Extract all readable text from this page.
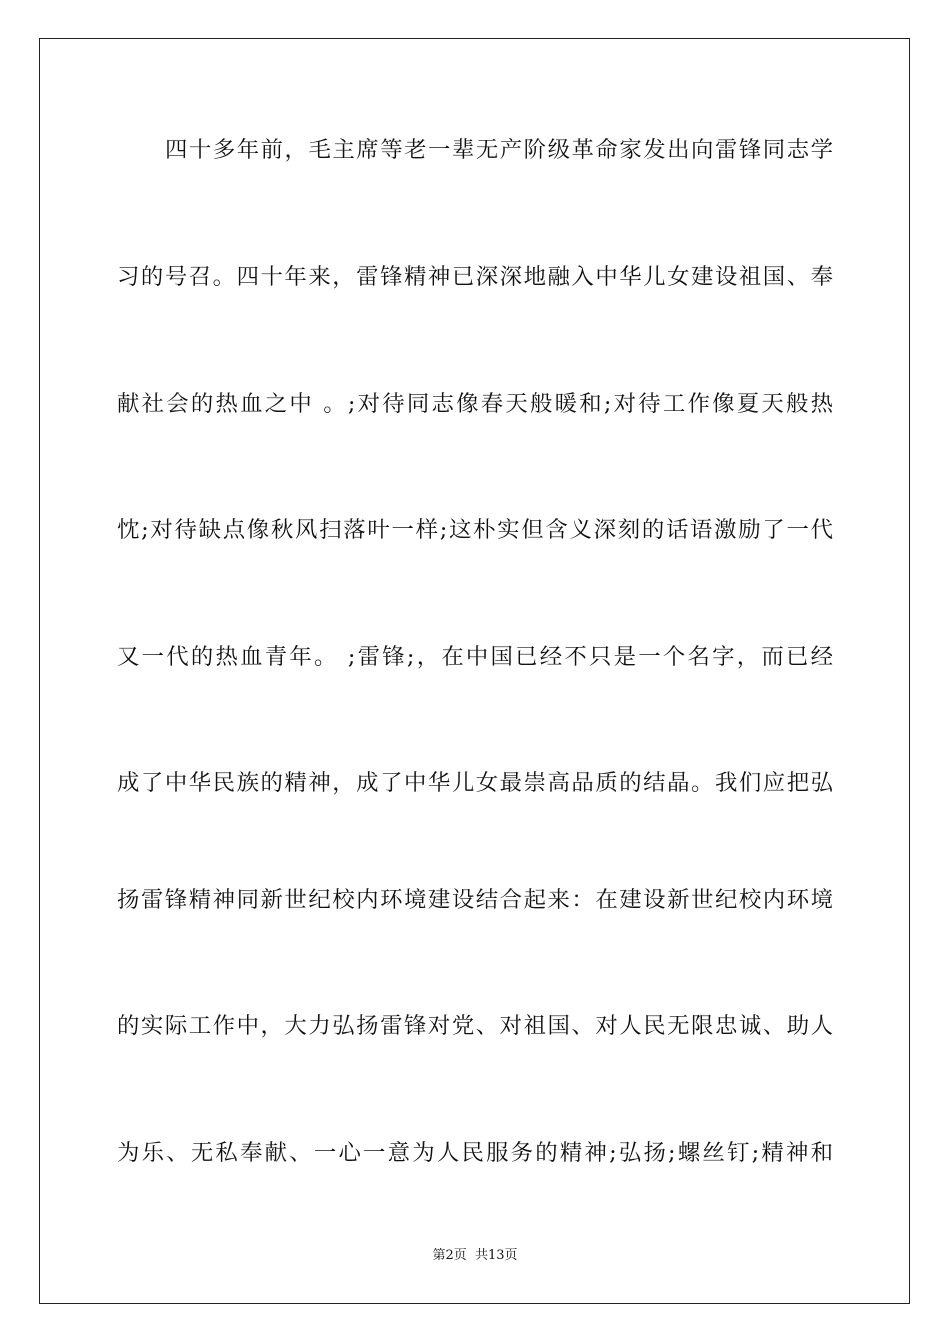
四十多年前，毛主席等老一辈无产阶级革命家发出向雷锋同志学
习的号召。四十年来，雷锋精神已深深地融入中华儿女建设祖国、奉
献社会的热血之中 。;对待同志像春天般暖和;对待工作像夏天般热
忱;对待缺点像秋风扫落叶一样;这朴实但含义深刻的话语激励了一代
又一代的热血青年。 ;雷锋;，在中国已经不只是一个名字，而已经
成了中华民族的精神，成了中华儿女最崇高品质的结晶。我们应把弘
扬雷锋精神同新世纪校内环境建设结合起来：在建设新世纪校内环境
的实际工作中，大力弘扬雷锋对党、对祖国、对人民无限忠诚、助人
为乐、无私奉献、一心一意为人民服务的精神;弘扬;螺丝钉;精神和
第2页  共13页
